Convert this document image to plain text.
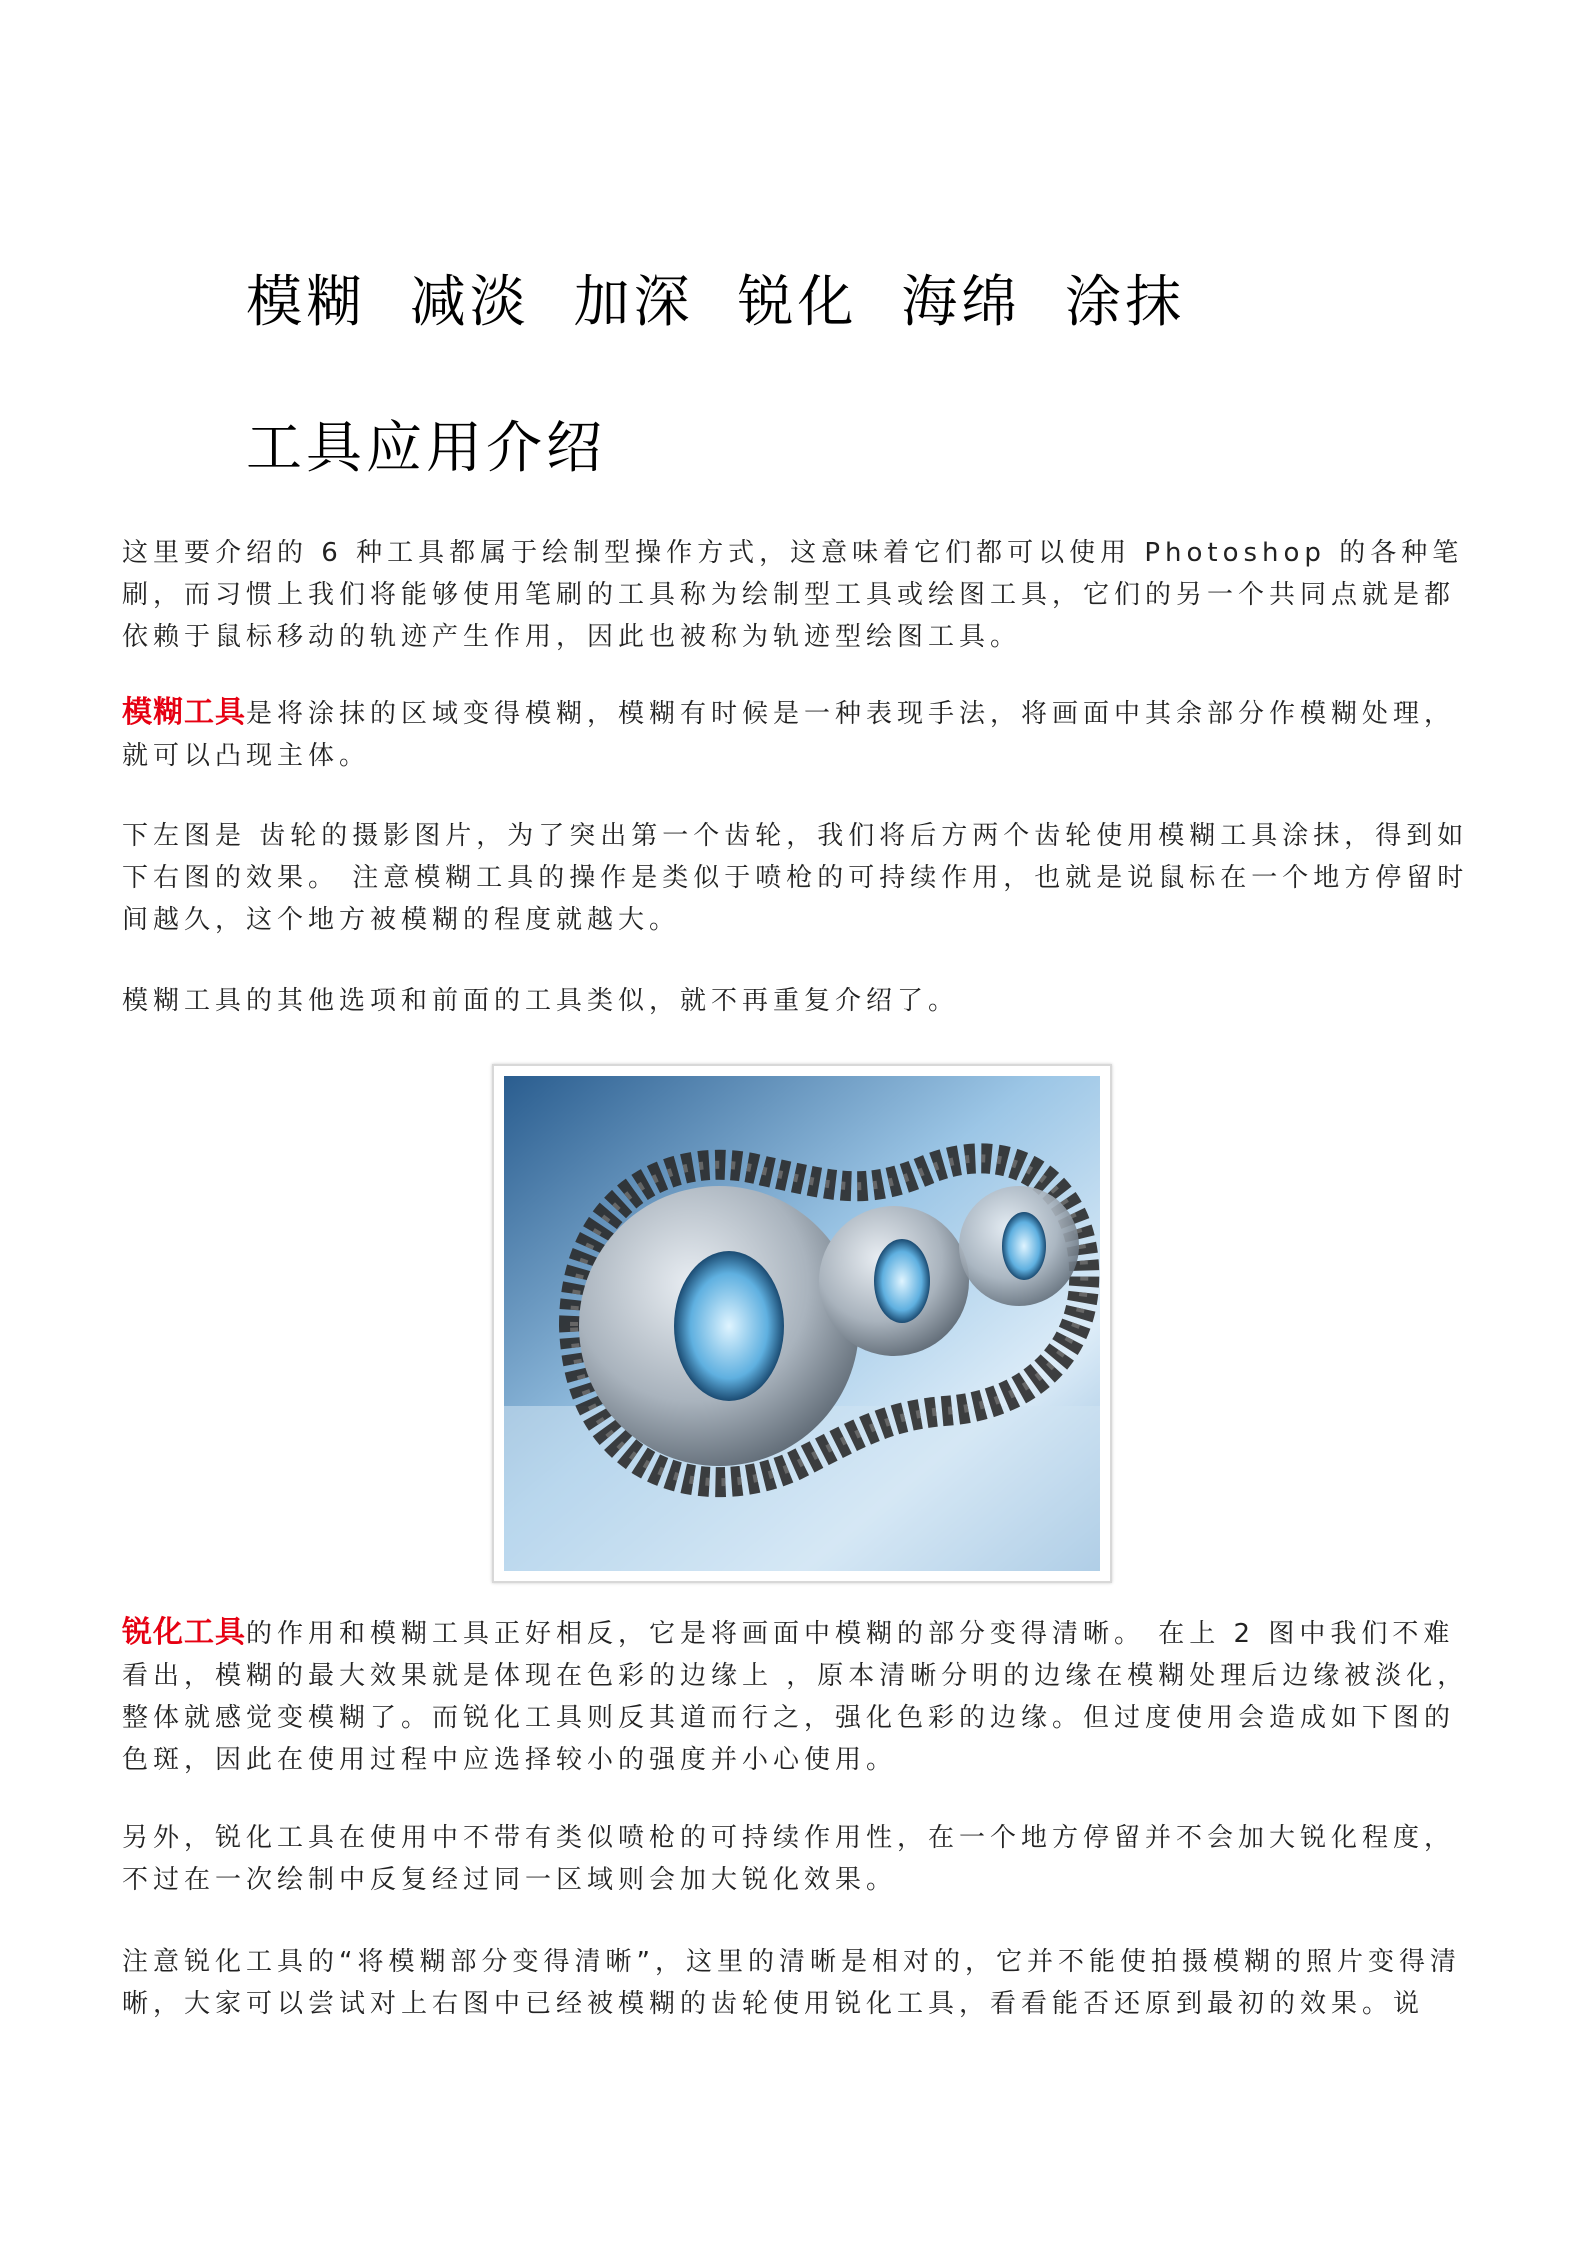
模糊 减淡 加深 锐化 海绵 涂抹
工具应用介绍

这里要介绍的 6 种工具都属于绘制型操作方式，这意味着它们都可以使用 Photoshop 的各种笔刷，而习惯上我们将能够使用笔刷的工具称为绘制型工具或绘图工具，它们的另一个共同点就是都依赖于鼠标移动的轨迹产生作用，因此也被称为轨迹型绘图工具。

模糊工具是将涂抹的区域变得模糊，模糊有时候是一种表现手法，将画面中其余部分作模糊处理，就可以凸现主体。

下左图是 齿轮的摄影图片，为了突出第一个齿轮，我们将后方两个齿轮使用模糊工具涂抹，得到如下右图的效果。 注意模糊工具的操作是类似于喷枪的可持续作用，也就是说鼠标在一个地方停留时间越久，这个地方被模糊的程度就越大。

模糊工具的其他选项和前面的工具类似，就不再重复介绍了。

锐化工具的作用和模糊工具正好相反，它是将画面中模糊的部分变得清晰。 在上 2 图中我们不难看出，模糊的最大效果就是体现在色彩的边缘上 ，原本清晰分明的边缘在模糊处理后边缘被淡化，整体就感觉变模糊了。而锐化工具则反其道而行之，强化色彩的边缘。但过度使用会造成如下图的色斑，因此在使用过程中应选择较小的强度并小心使用。

另外，锐化工具在使用中不带有类似喷枪的可持续作用性，在一个地方停留并不会加大锐化程度，不过在一次绘制中反复经过同一区域则会加大锐化效果。

注意锐化工具的“将模糊部分变得清晰”，这里的清晰是相对的，它并不能使拍摄模糊的照片变得清晰，大家可以尝试对上右图中已经被模糊的齿轮使用锐化工具，看看能否还原到最初的效果。说
